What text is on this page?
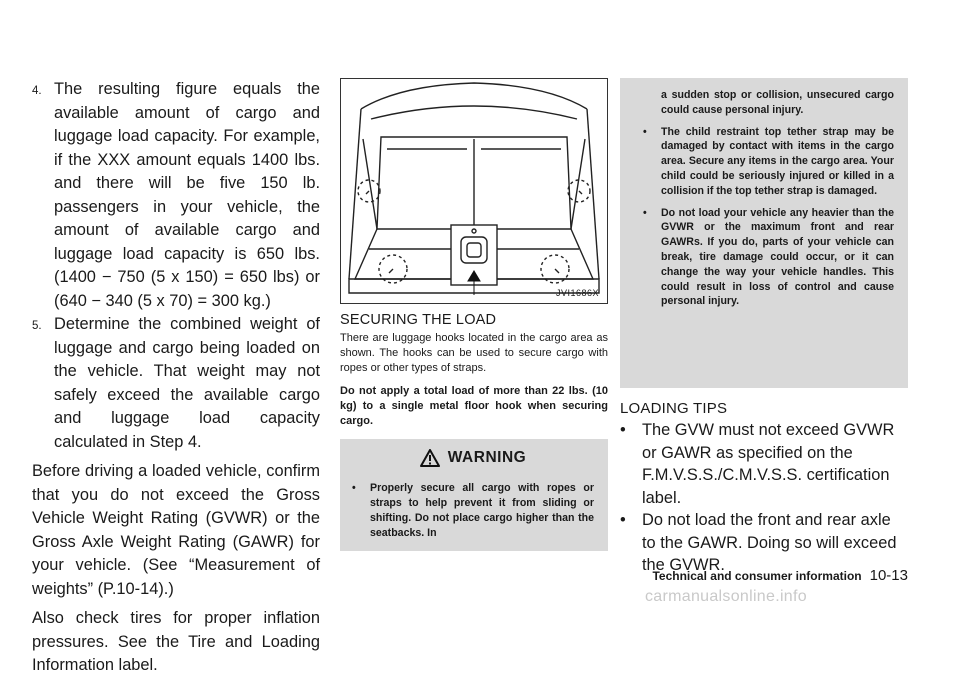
4. The resulting figure equals the available amount of cargo and luggage load capacity. For example, if the XXX amount equals 1400 lbs. and there will be five 150 lb. passengers in your vehicle, the amount of available cargo and luggage load capacity is 650 lbs. (1400 − 750 (5 x 150) = 650 lbs) or (640 − 340 (5 x 70) = 300 kg.)
5. Determine the combined weight of luggage and cargo being loaded on the vehicle. That weight may not safely exceed the available cargo and luggage load capacity calculated in Step 4.

Before driving a loaded vehicle, confirm that you do not exceed the Gross Vehicle Weight Rating (GVWR) or the Gross Axle Weight Rating (GAWR) for your vehicle. (See “Measurement of weights” (P.10-14).)

Also check tires for proper inflation pressures. See the Tire and Loading Information label.

JVI1686X
SECURING THE LOAD

There are luggage hooks located in the cargo area as shown. The hooks can be used to secure cargo with ropes or other types of straps.

Do not apply a total load of more than 22 lbs. (10 kg) to a single metal floor hook when securing cargo.

WARNING
•	Properly secure all cargo with ropes or straps to help prevent it from sliding or shifting. Do not place cargo higher than the seatbacks. In
a sudden stop or collision, unsecured cargo could cause personal injury.
•	The child restraint top tether strap may be damaged by contact with items in the cargo area. Secure any items in the cargo area. Your child could be seriously injured or killed in a collision if the top tether strap is damaged.
•	Do not load your vehicle any heavier than the GVWR or the maximum front and rear GAWRs. If you do, parts of your vehicle can break, tire damage could occur, or it can change the way your vehicle handles. This could result in loss of control and cause personal injury.
LOADING TIPS
• The GVW must not exceed GVWR or GAWR as specified on the F.M.V.S.S./C.M.V.S.S. certification label.
• Do not load the front and rear axle to the GAWR. Doing so will exceed the GVWR.
Technical and consumer information 10-13
carmanualsonline.info
